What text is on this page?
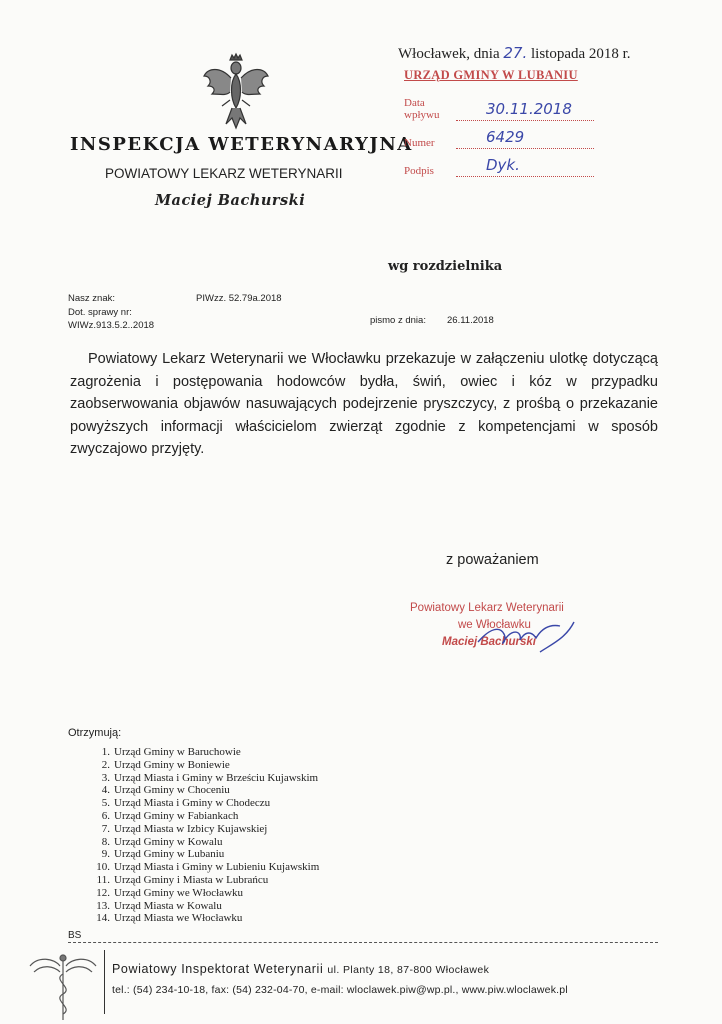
INSPEKCJA WETERYNARYJNA
POWIATOWY LEKARZ WETERYNARII
Maciej Bachurski
Włocławek, dnia 27. listopada 2018 r.
URZĄD GMINY W LUBANIU
Data wpływu	30.11.2018
Numer	6429
Podpis	Dyk.
wg rozdzielnika
Nasz znak:	PIWzz. 52.79a.2018
Dot. sprawy nr:
WIWz.913.5.2..2018	pismo z dnia: 26.11.2018

Powiatowy Lekarz Weterynarii we Włocławku przekazuje w załączeniu ulotkę dotyczącą zagrożenia i postępowania hodowców bydła, świń, owiec i kóz w przypadku zaobserwowania objawów nasuwających podejrzenie pryszczycy, z prośbą o przekazanie powyższych informacji właścicielom zwierząt zgodnie z kompetencjami w sposób zwyczajowo przyjęty.

z poważaniem
Powiatowy Lekarz Weterynarii
we Włocławku
Maciej Bachurski
Otrzymują:
1. Urząd Gminy w Baruchowie
2. Urząd Gminy w Boniewie
3. Urząd Miasta i Gminy w Brześciu Kujawskim
4. Urząd Gminy w Choceniu
5. Urząd Miasta i Gminy w Chodeczu
6. Urząd Gminy w Fabiankach
7. Urząd Miasta w Izbicy Kujawskiej
8. Urząd Gminy w Kowalu
9. Urząd Gminy w Lubaniu
10. Urząd Miasta i Gminy w Lubieniu Kujawskim
11. Urząd Gminy i Miasta w Lubrańcu
12. Urząd Gminy we Włocławku
13. Urząd Miasta w Kowalu
14. Urząd Miasta we Włocławku
BS
Powiatowy Inspektorat Weterynarii ul. Planty 18, 87-800 Włocławek
tel.: (54) 234-10-18, fax: (54) 232-04-70, e-mail: wloclawek.piw@wp.pl., www.piw.wloclawek.pl
